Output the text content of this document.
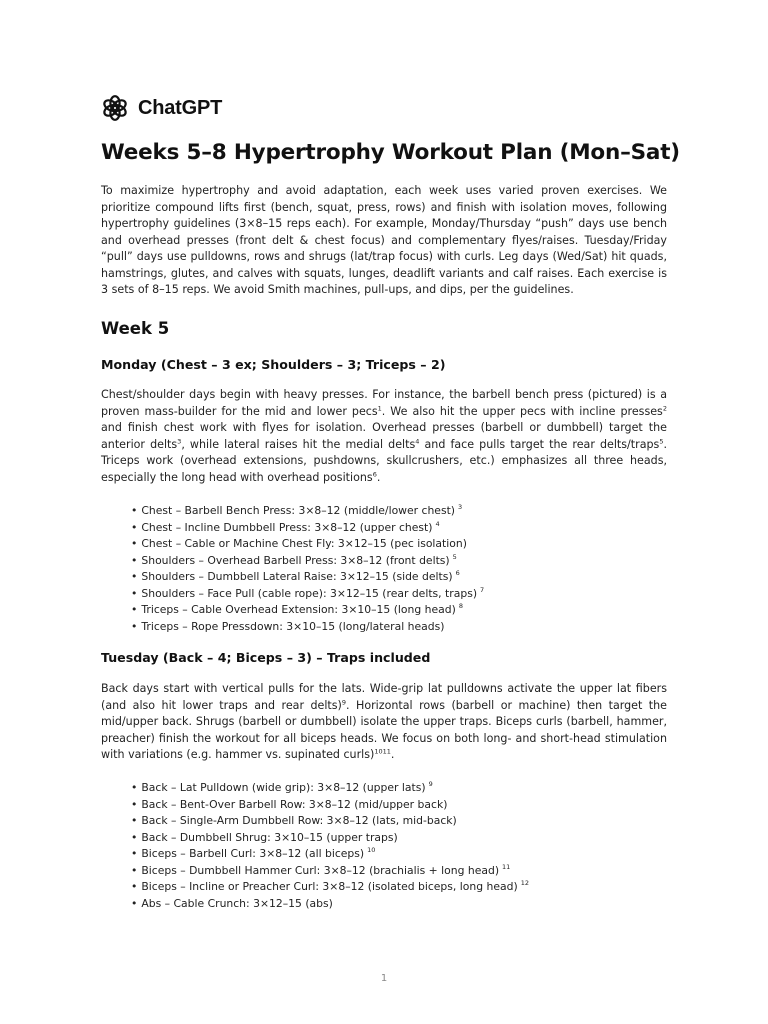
ChatGPT
Weeks 5–8 Hypertrophy Workout Plan (Mon–Sat)

To maximize hypertrophy and avoid adaptation, each week uses varied proven exercises. We prioritize compound lifts first (bench, squat, press, rows) and finish with isolation moves, following hypertrophy guidelines (3×8–15 reps each). For example, Monday/Thursday “push” days use bench and overhead presses (front delt & chest focus) and complementary flyes/raises. Tuesday/Friday “pull” days use pulldowns, rows and shrugs (lat/trap focus) with curls. Leg days (Wed/Sat) hit quads, hamstrings, glutes, and calves with squats, lunges, deadlift variants and calf raises. Each exercise is 3 sets of 8–15 reps. We avoid Smith machines, pull-ups, and dips, per the guidelines.

Week 5
Monday (Chest – 3 ex; Shoulders – 3; Triceps – 2)

Chest/shoulder days begin with heavy presses. For instance, the barbell bench press (pictured) is a proven mass-builder for the mid and lower pecs$^1$. We also hit the upper pecs with incline presses$^2$ and finish chest work with flyes for isolation. Overhead presses (barbell or dumbbell) target the anterior delts$^3$, while lateral raises hit the medial delts$^4$ and face pulls target the rear delts/traps$^5$. Triceps work (overhead extensions, pushdowns, skullcrushers, etc.) emphasizes all three heads, especially the long head with overhead positions$^6$.

• Chest – Barbell Bench Press: 3×8–12 (middle/lower chest) $^3$
• Chest – Incline Dumbbell Press: 3×8–12 (upper chest) $^4$
• Chest – Cable or Machine Chest Fly: 3×12–15 (pec isolation)
• Shoulders – Overhead Barbell Press: 3×8–12 (front delts) $^5$
• Shoulders – Dumbbell Lateral Raise: 3×12–15 (side delts) $^6$
• Shoulders – Face Pull (cable rope): 3×12–15 (rear delts, traps) $^7$
• Triceps – Cable Overhead Extension: 3×10–15 (long head) $^8$
• Triceps – Rope Pressdown: 3×10–15 (long/lateral heads)
Tuesday (Back – 4; Biceps – 3) – Traps included

Back days start with vertical pulls for the lats. Wide-grip lat pulldowns activate the upper lat fibers (and also hit lower traps and rear delts)$^9$. Horizontal rows (barbell or machine) then target the mid/upper back. Shrugs (barbell or dumbbell) isolate the upper traps. Biceps curls (barbell, hammer, preacher) finish the workout for all biceps heads. We focus on both long- and short-head stimulation with variations (e.g. hammer vs. supinated curls)$^{1011}$.

• Back – Lat Pulldown (wide grip): 3×8–12 (upper lats) $^9$
• Back – Bent-Over Barbell Row: 3×8–12 (mid/upper back)
• Back – Single-Arm Dumbbell Row: 3×8–12 (lats, mid-back)
• Back – Dumbbell Shrug: 3×10–15 (upper traps)
• Biceps – Barbell Curl: 3×8–12 (all biceps) $^{10}$
• Biceps – Dumbbell Hammer Curl: 3×8–12 (brachialis + long head) $^{11}$
• Biceps – Incline or Preacher Curl: 3×8–12 (isolated biceps, long head) $^{12}$
• Abs – Cable Crunch: 3×12–15 (abs)
1
